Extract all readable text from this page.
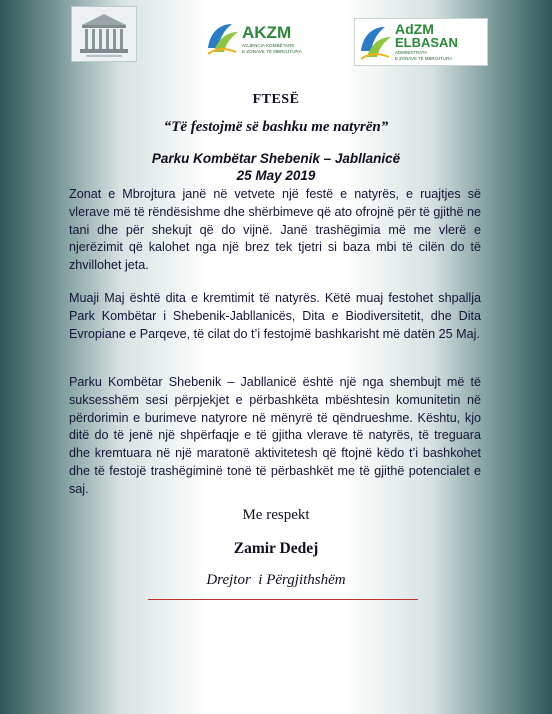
AKZM
AGJENCIA KOMBËTARE
E ZONAVE TË MBROJTURA
AdZM
ELBASAN
ADMINISTRATA
E ZONAVE TË MBROJTURA
FTESË
“Të festojmë së bashku me natyrën”
Parku Kombëtar Shebenik – Jabllanicë
25 May 2019
Zonat e Mbrojtura janë në vetvete një festë e natyrës, e ruajtjes së vlerave më të rëndësishme dhe shërbimeve që ato ofrojnë për të gjithë ne tani dhe për shekujt që do vijnë. Janë trashëgimia më me vlerë e njerëzimit që kalohet nga një brez tek tjetri si baza mbi të cilën do të zhvillohet jeta.
Muaji Maj është dita e kremtimit të natyrës. Këtë muaj festohet shpallja Park Kombëtar i Shebenik-Jabllanicës, Dita e Biodiversitetit, dhe Dita Evropiane e Parqeve, të cilat do t’i festojmë bashkarisht më datën 25 Maj.
Parku Kombëtar Shebenik – Jabllanicë është një nga shembujt më të suksesshëm sesi përpjekjet e përbashkëta mbështesin komunitetin në përdorimin e burimeve natyrore në mënyrë të qëndrueshme. Kështu, kjo ditë do të jenë një shpërfaqje e të gjitha vlerave të natyrës, të treguara dhe kremtuara në një maratonë aktivitetesh që ftojnë këdo t’i bashkohet dhe të festojë trashëgiminë tonë të përbashkët me të gjithë potencialet e saj.
Me respekt
Zamir Dedej
Drejtor  i Përgjithshëm
